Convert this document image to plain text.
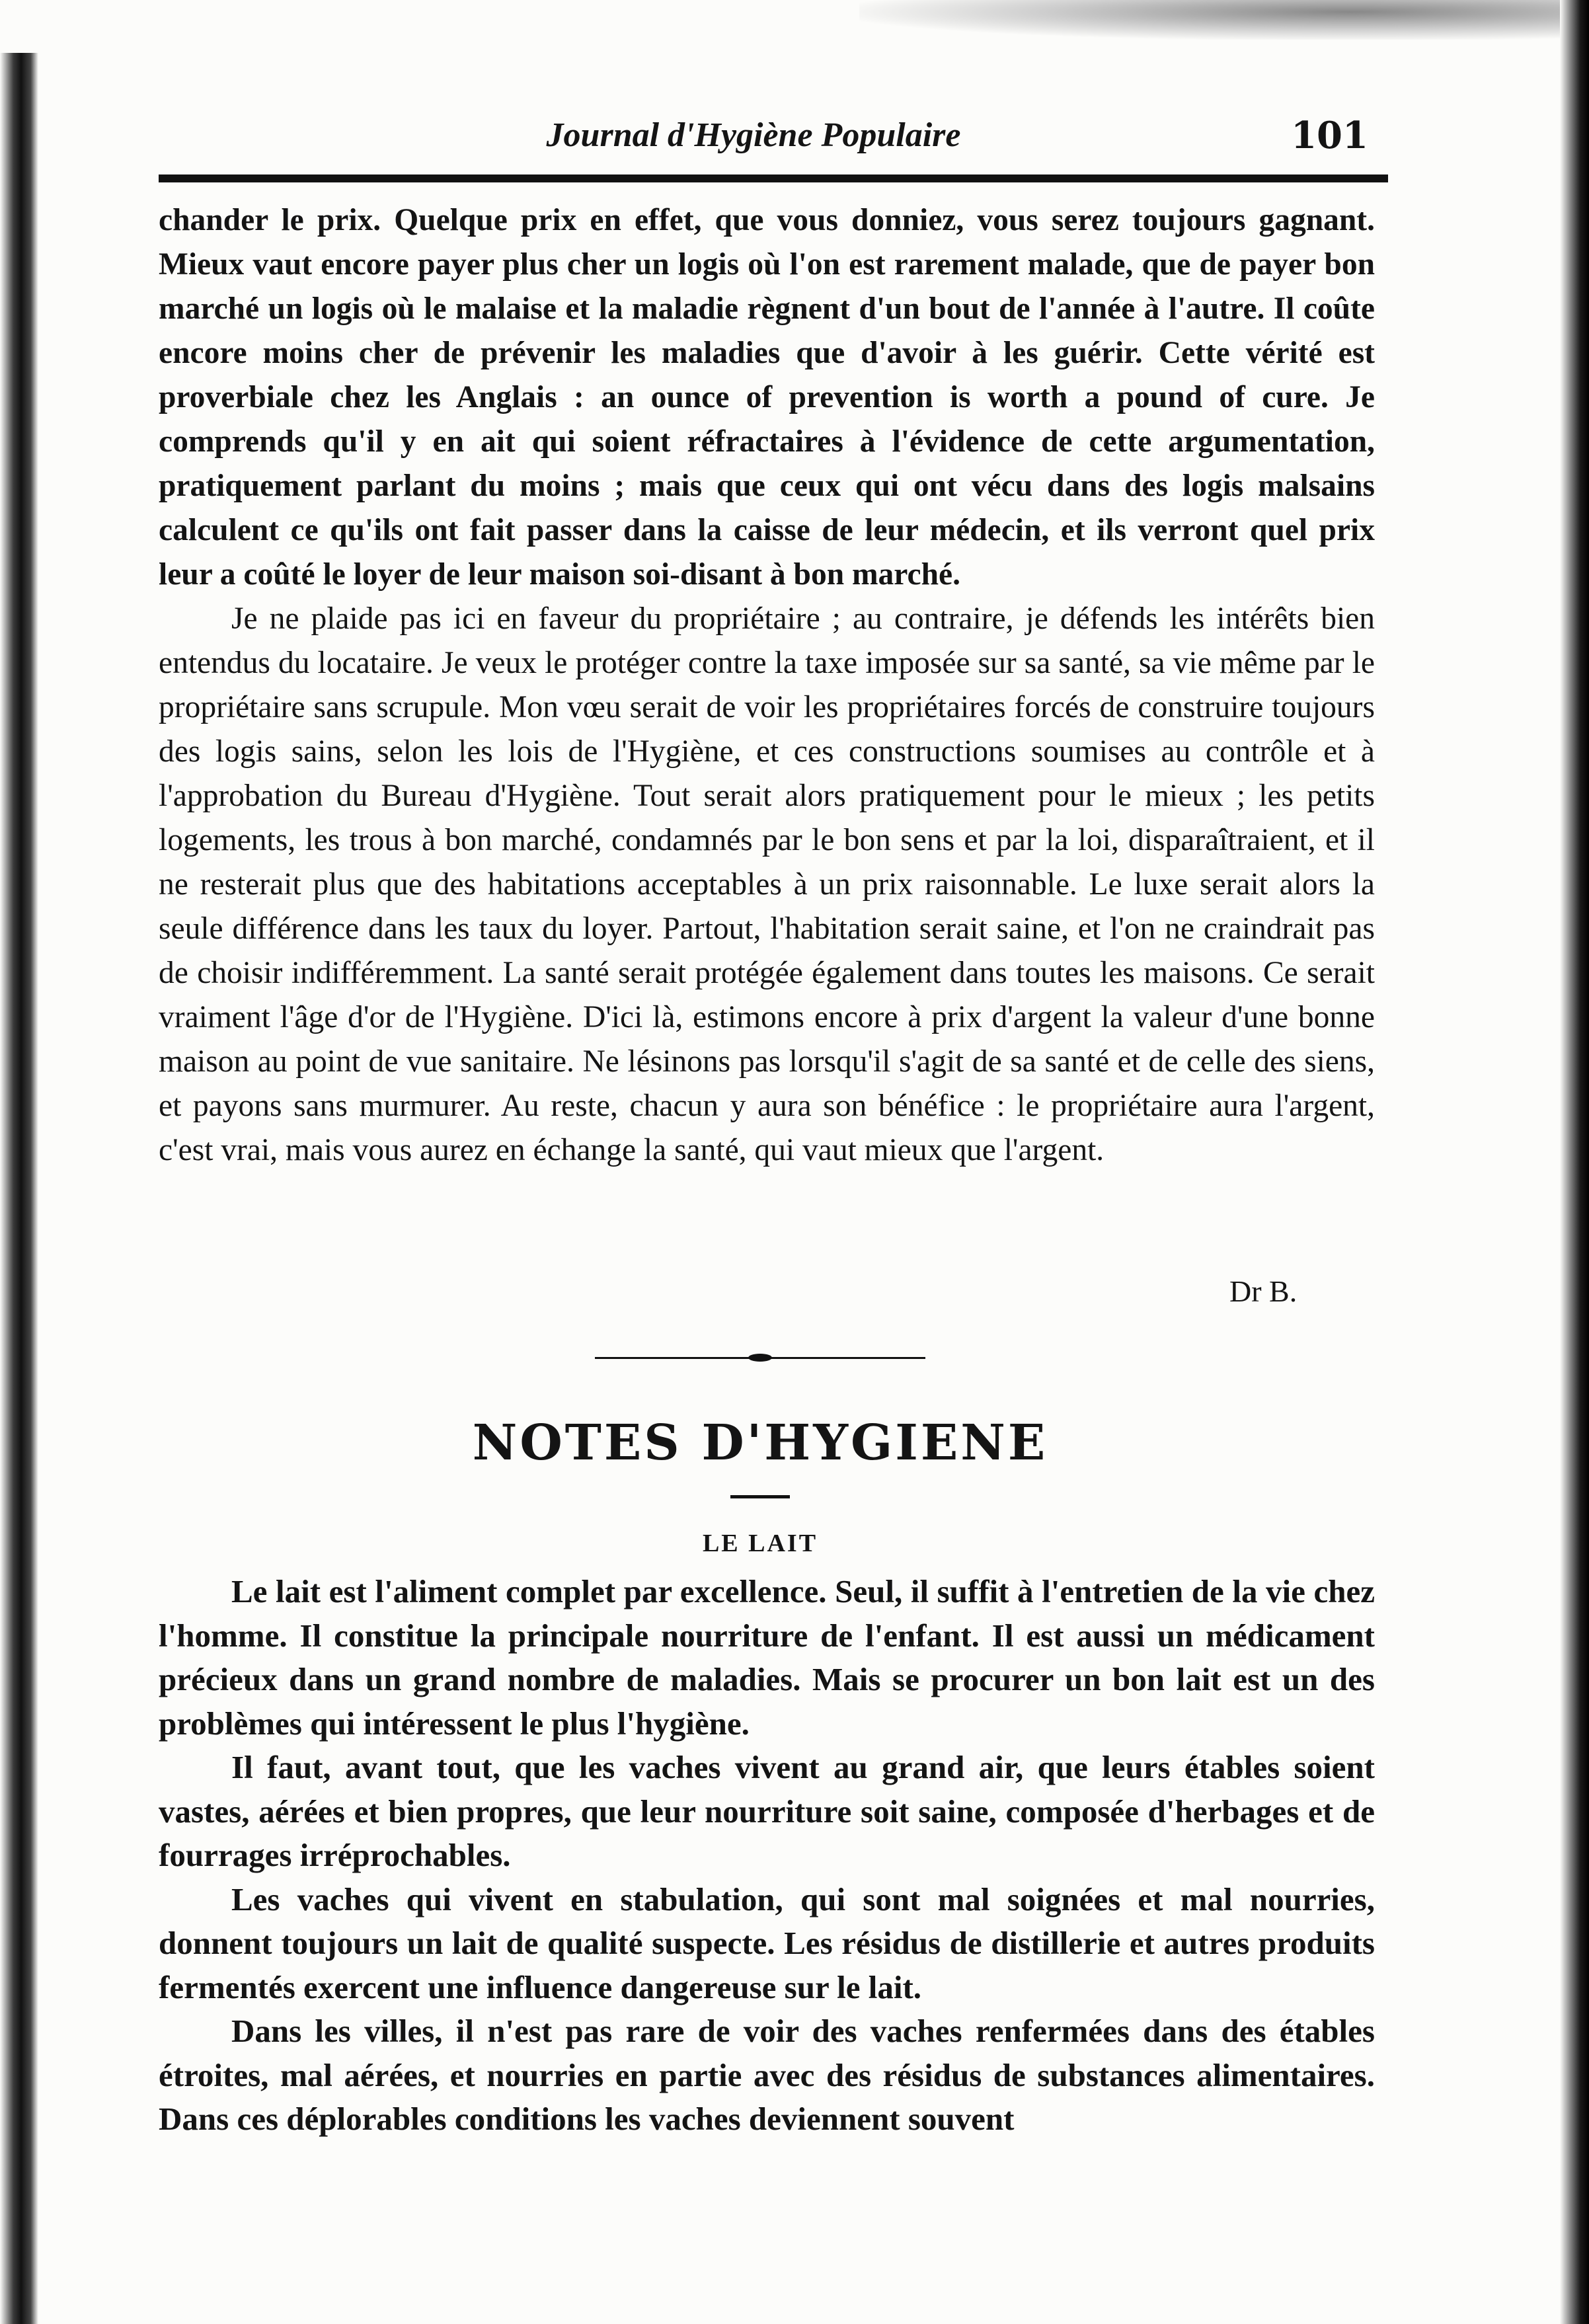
Journal d'Hygiène Populaire	101

chander le prix. Quelque prix en effet, que vous donniez, vous serez toujours gagnant. Mieux vaut encore payer plus cher un logis où l'on est rarement malade, que de payer bon marché un logis où le malaise et la maladie règnent d'un bout de l'année à l'autre. Il coûte encore moins cher de prévenir les maladies que d'avoir à les guérir. Cette vérité est proverbiale chez les Anglais : an ounce of prevention is worth a pound of cure. Je comprends qu'il y en ait qui soient réfractaires à l'évidence de cette argumentation, pratiquement parlant du moins ; mais que ceux qui ont vécu dans des logis malsains calculent ce qu'ils ont fait passer dans la caisse de leur médecin, et ils verront quel prix leur a coûté le loyer de leur maison soi-disant à bon marché.

Je ne plaide pas ici en faveur du propriétaire ; au contraire, je défends les intérêts bien entendus du locataire. Je veux le protéger contre la taxe imposée sur sa santé, sa vie même par le propriétaire sans scrupule. Mon vœu serait de voir les propriétaires forcés de construire toujours des logis sains, selon les lois de l'Hygiène, et ces constructions soumises au contrôle et à l'approbation du Bureau d'Hygiène. Tout serait alors pratiquement pour le mieux ; les petits logements, les trous à bon marché, condamnés par le bon sens et par la loi, disparaîtraient, et il ne resterait plus que des habitations acceptables à un prix raisonnable. Le luxe serait alors la seule différence dans les taux du loyer. Partout, l'habitation serait saine, et l'on ne craindrait pas de choisir indifféremment. La santé serait protégée également dans toutes les maisons. Ce serait vraiment l'âge d'or de l'Hygiène. D'ici là, estimons encore à prix d'argent la valeur d'une bonne maison au point de vue sanitaire. Ne lésinons pas lorsqu'il s'agit de sa santé et de celle des siens, et payons sans murmurer. Au reste, chacun y aura son bénéfice : le propriétaire aura l'argent, c'est vrai, mais vous aurez en échange la santé, qui vaut mieux que l'argent.

Dr B.
NOTES D'HYGIENE
LE LAIT

Le lait est l'aliment complet par excellence. Seul, il suffit à l'entretien de la vie chez l'homme. Il constitue la principale nourriture de l'enfant. Il est aussi un médicament précieux dans un grand nombre de maladies. Mais se procurer un bon lait est un des problèmes qui intéressent le plus l'hygiène.

Il faut, avant tout, que les vaches vivent au grand air, que leurs étables soient vastes, aérées et bien propres, que leur nourriture soit saine, composée d'herbages et de fourrages irréprochables.

Les vaches qui vivent en stabulation, qui sont mal soignées et mal nourries, donnent toujours un lait de qualité suspecte. Les résidus de distillerie et autres produits fermentés exercent une influence dangereuse sur le lait.

Dans les villes, il n'est pas rare de voir des vaches renfermées dans des étables étroites, mal aérées, et nourries en partie avec des résidus de substances alimentaires. Dans ces déplorables conditions les vaches deviennent souvent
